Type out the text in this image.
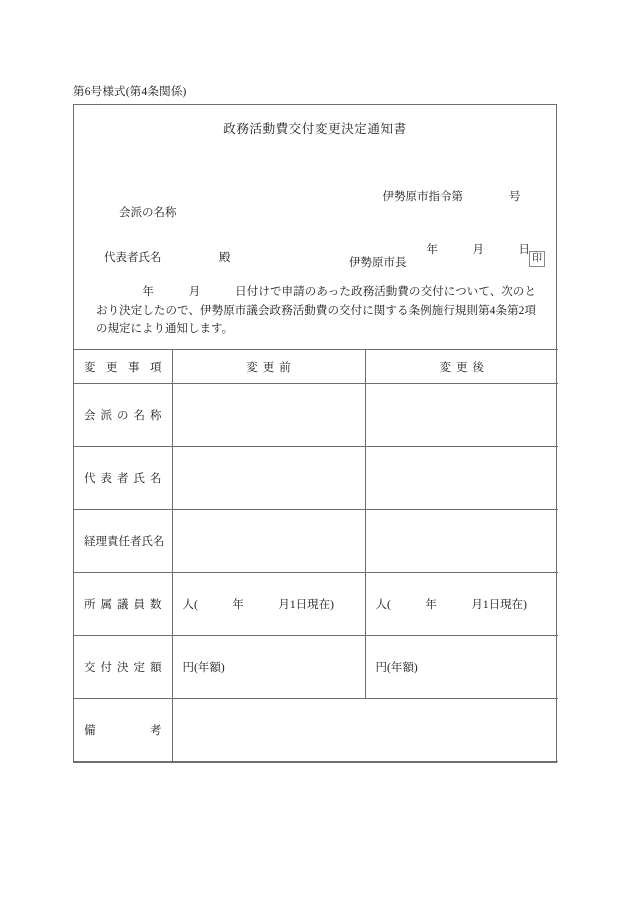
第6号様式(第4条関係)
政務活動費交付変更決定通知書

伊勢原市指令第　　　　号

年　　　月　　　日

会派の名称

代表者氏名　　　　　殿

	伊勢原市長

	印

　　　　年　　　月　　　日付けで申請のあった政務活動費の交付について、次のとおり決定したので、伊勢原市議会政務活動費の交付に関する条例施行規則第4条第2項の規定により通知します。
変更事項	変更前	変更後

会派の名称		

代表者氏名		

経理責任者氏名		

所属議員数	人(　　　年　　　月1日現在)	人(　　　年　　　月1日現在)

交付決定額	円(年額)	円(年額)

備考		
